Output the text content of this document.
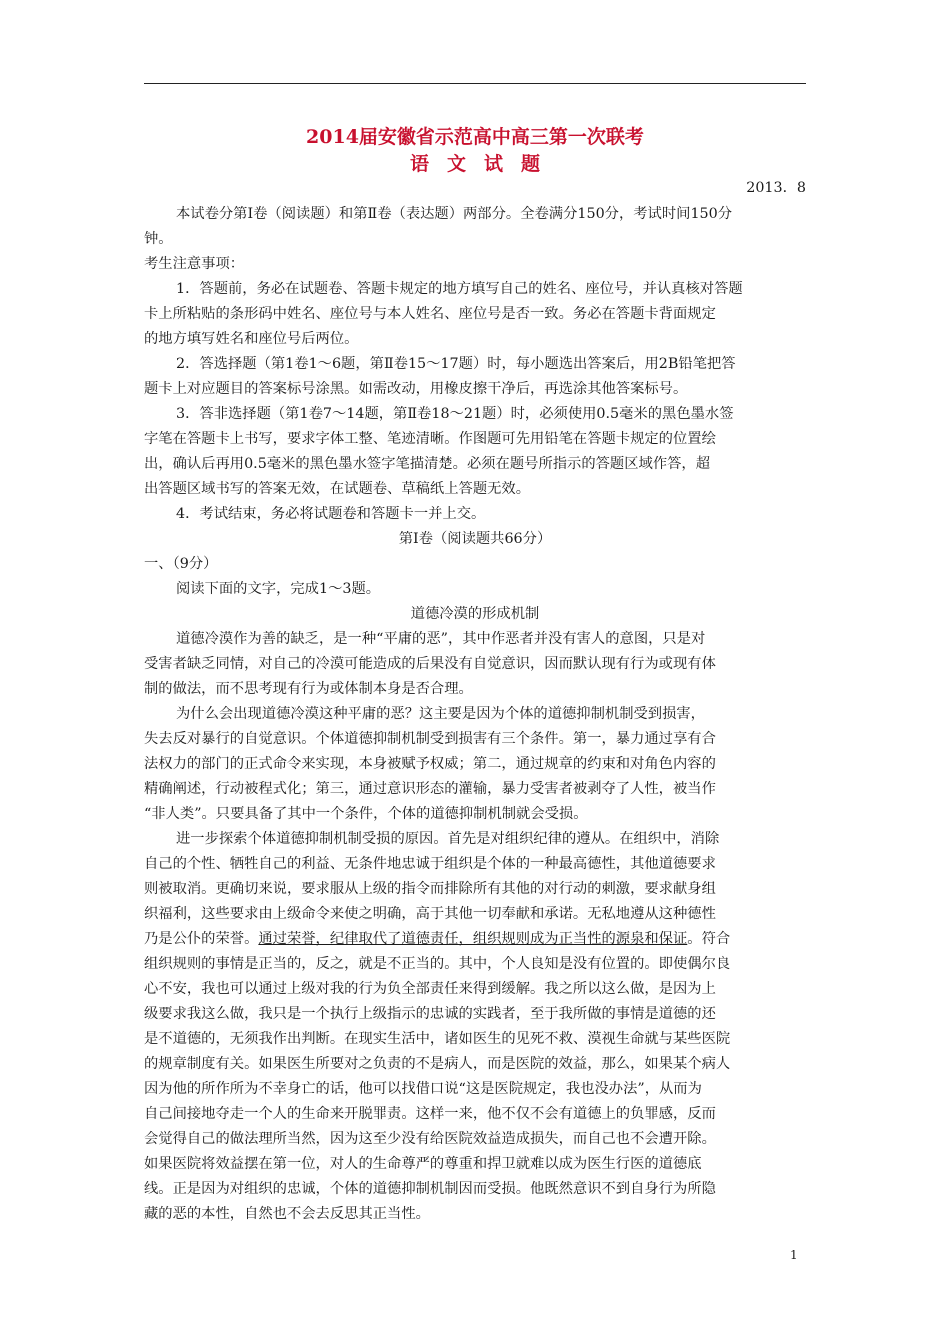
2014届安徽省示范高中高三第一次联考
语文试题
2013．8
本试卷分第Ⅰ卷（阅读题）和第Ⅱ卷（表达题）两部分。全卷满分150分，考试时间150分
钟。
考生注意事项：
1．答题前，务必在试题卷、答题卡规定的地方填写自己的姓名、座位号，并认真核对答题
卡上所粘贴的条形码中姓名、座位号与本人姓名、座位号是否一致。务必在答题卡背面规定
的地方填写姓名和座位号后两位。
2．答选择题（第1卷1～6题，第Ⅱ卷15～17题）时，每小题选出答案后，用2B铅笔把答
题卡上对应题目的答案标号涂黑。如需改动，用橡皮擦干净后，再选涂其他答案标号。
3．答非选择题（第1卷7～14题，第Ⅱ卷18～21题）时，必须使用0.5毫米的黑色墨水签
字笔在答题卡上书写，要求字体工整、笔迹清晰。作图题可先用铅笔在答题卡规定的位置绘
出，确认后再用0.5毫米的黑色墨水签字笔描清楚。必须在题号所指示的答题区域作答，超
出答题区域书写的答案无效，在试题卷、草稿纸上答题无效。
4．考试结束，务必将试题卷和答题卡一并上交。
第Ⅰ卷（阅读题共66分）
一、（9分）
阅读下面的文字，完成1～3题。
道德冷漠的形成机制
道德冷漠作为善的缺乏，是一种“平庸的恶”，其中作恶者并没有害人的意图，只是对
受害者缺乏同情，对自己的冷漠可能造成的后果没有自觉意识，因而默认现有行为或现有体
制的做法，而不思考现有行为或体制本身是否合理。
为什么会出现道德冷漠这种平庸的恶？这主要是因为个体的道德抑制机制受到损害，
失去反对暴行的自觉意识。个体道德抑制机制受到损害有三个条件。第一，暴力通过享有合
法权力的部门的正式命令来实现，本身被赋予权威；第二，通过规章的约束和对角色内容的
精确阐述，行动被程式化；第三，通过意识形态的灌输，暴力受害者被剥夺了人性，被当作
“非人类”。只要具备了其中一个条件，个体的道德抑制机制就会受损。
进一步探索个体道德抑制机制受损的原因。首先是对组织纪律的遵从。在组织中，消除
自己的个性、牺牲自己的利益、无条件地忠诚于组织是个体的一种最高德性，其他道德要求
则被取消。更确切来说，要求服从上级的指令而排除所有其他的对行动的刺激，要求献身组
织福利，这些要求由上级命令来使之明确，高于其他一切奉献和承诺。无私地遵从这种德性
乃是公仆的荣誉。通过荣誉，纪律取代了道德责任，组织规则成为正当性的源泉和保证。符合
组织规则的事情是正当的，反之，就是不正当的。其中，个人良知是没有位置的。即使偶尔良
心不安，我也可以通过上级对我的行为负全部责任来得到缓解。我之所以这么做，是因为上
级要求我这么做，我只是一个执行上级指示的忠诚的实践者，至于我所做的事情是道德的还
是不道德的，无须我作出判断。在现实生活中，诸如医生的见死不救、漠视生命就与某些医院
的规章制度有关。如果医生所要对之负责的不是病人，而是医院的效益，那么，如果某个病人
因为他的所作所为不幸身亡的话，他可以找借口说“这是医院规定，我也没办法”，从而为
自己间接地夺走一个人的生命来开脱罪责。这样一来，他不仅不会有道德上的负罪感，反而
会觉得自己的做法理所当然，因为这至少没有给医院效益造成损失，而自己也不会遭开除。
如果医院将效益摆在第一位，对人的生命尊严的尊重和捍卫就难以成为医生行医的道德底
线。正是因为对组织的忠诚，个体的道德抑制机制因而受损。他既然意识不到自身行为所隐
藏的恶的本性，自然也不会去反思其正当性。
1
